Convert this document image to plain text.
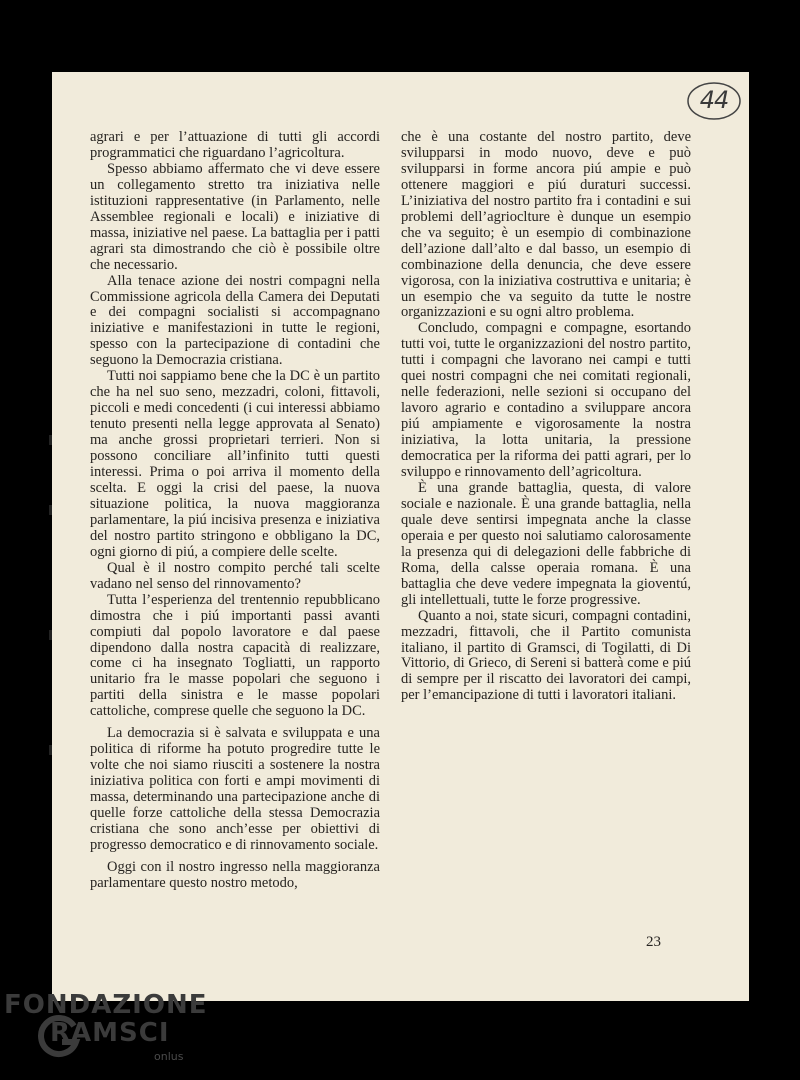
44

agrari e per l’attuazione di tutti gli accordi programmatici che riguardano l’agricoltura.

Spesso abbiamo affermato che vi deve essere un collegamento stretto tra iniziativa nelle istituzioni rappresentative (in Parlamento, nelle Assemblee regionali e locali) e iniziative di massa, iniziative nel paese. La battaglia per i patti agrari sta dimostrando che ciò è possibile oltre che necessario.

Alla tenace azione dei nostri compagni nella Commissione agricola della Camera dei Deputati e dei compagni socialisti si accompagnano iniziative e manifestazioni in tutte le regioni, spesso con la partecipazione di contadini che seguono la Democrazia cristiana.

Tutti noi sappiamo bene che la DC è un partito che ha nel suo seno, mezzadri, coloni, fittavoli, piccoli e medi concedenti (i cui interessi abbiamo tenuto presenti nella legge approvata al Senato) ma anche grossi proprietari terrieri. Non si possono conciliare all’infinito tutti questi interessi. Prima o poi arriva il momento della scelta. E oggi la crisi del paese, la nuova situazione politica, la nuova maggioranza parlamentare, la piú incisiva presenza e iniziativa del nostro partito stringono e obbligano la DC, ogni giorno di piú, a compiere delle scelte.

Qual è il nostro compito perché tali scelte vadano nel senso del rinnovamento?

Tutta l’esperienza del trentennio repubblicano dimostra che i piú importanti passi avanti compiuti dal popolo lavoratore e dal paese dipendono dalla nostra capacità di realizzare, come ci ha insegnato Togliatti, un rapporto unitario fra le masse popolari che seguono i partiti della sinistra e le masse popolari cattoliche, comprese quelle che seguono la DC.

La democrazia si è salvata e sviluppata e una politica di riforme ha potuto progredire tutte le volte che noi siamo riusciti a sostenere la nostra iniziativa politica con forti e ampi movimenti di massa, determinando una partecipazione anche di quelle forze cattoliche della stessa Democrazia cristiana che sono anch’esse per obiettivi di progresso democratico e di rinnovamento sociale.

Oggi con il nostro ingresso nella maggioranza parlamentare questo nostro metodo,

che è una costante del nostro partito, deve svilupparsi in modo nuovo, deve e può svilupparsi in forme ancora piú ampie e può ottenere maggiori e piú duraturi successi. L’iniziativa del nostro partito fra i contadini e sui problemi dell’agrioclture è dunque un esempio che va seguito; è un esempio di combinazione dell’azione dall’alto e dal basso, un esempio di combinazione della denuncia, che deve essere vigorosa, con la iniziativa costruttiva e unitaria; è un esempio che va seguito da tutte le nostre organizzazioni e su ogni altro problema.

Concludo, compagni e compagne, esortando tutti voi, tutte le organizzazioni del nostro partito, tutti i compagni che lavorano nei campi e tutti quei nostri compagni che nei comitati regionali, nelle federazioni, nelle sezioni si occupano del lavoro agrario e contadino a sviluppare ancora piú ampiamente e vigorosamente la nostra iniziativa, la lotta unitaria, la pressione democratica per la riforma dei patti agrari, per lo sviluppo e rinnovamento dell’agricoltura.

È una grande battaglia, questa, di valore sociale e nazionale. È una grande battaglia, nella quale deve sentirsi impegnata anche la classe operaia e per questo noi salutiamo calorosamente la presenza qui di delegazioni delle fabbriche di Roma, della calsse operaia romana. È una battaglia che deve vedere impegnata la gioventú, gli intellettuali, tutte le forze progressive.

Quanto a noi, state sicuri, compagni contadini, mezzadri, fittavoli, che il Partito comunista italiano, il partito di Gramsci, di Togilatti, di Di Vittorio, di Grieco, di Sereni si batterà come e piú di sempre per il riscatto dei lavoratori dei campi, per l’emancipazione di tutti i lavoratori italiani.

23
FONDAZIONE
RAMSCI
onlus
